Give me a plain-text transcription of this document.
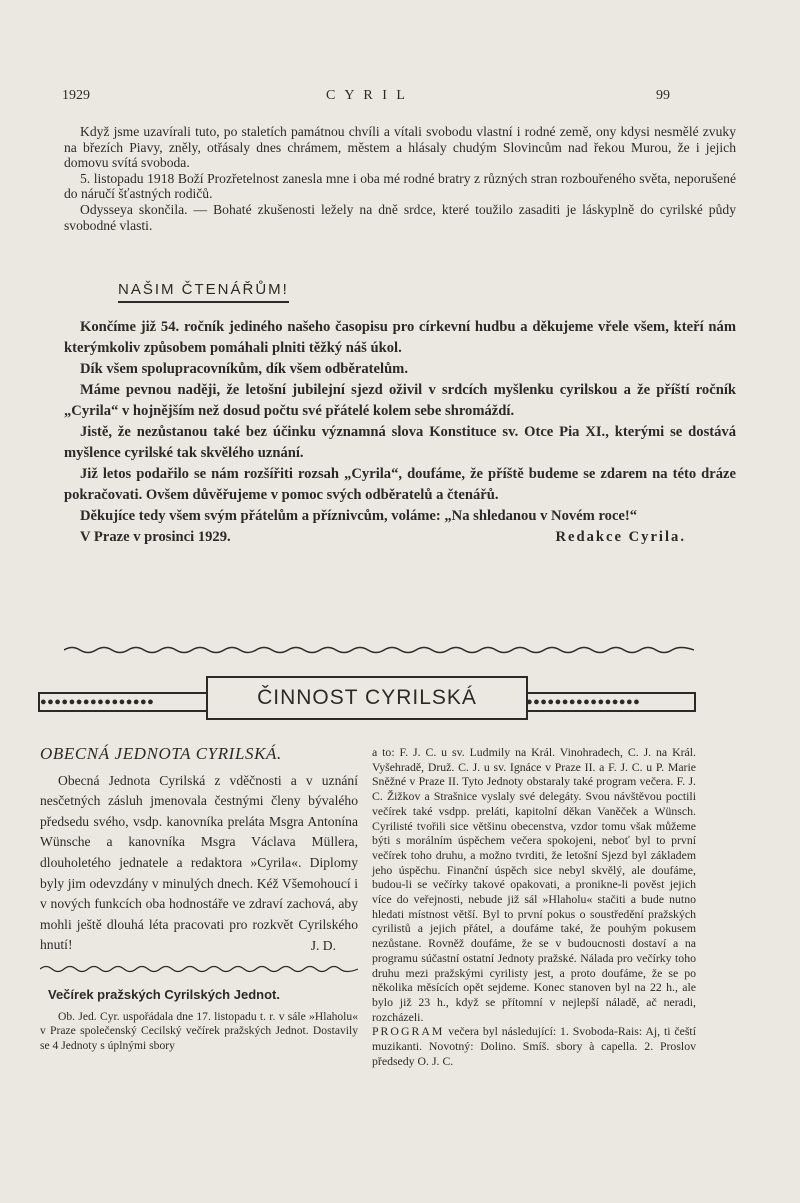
1929	C Y R I L	99

Když jsme uzavírali tuto, po staletích památnou chvíli a vítali svobodu vlastní i rodné země, ony kdysi nesmělé zvuky na březích Piavy, zněly, otřásaly dnes chrámem, městem a hlásaly chudým Slovincům nad řekou Murou, že i jejich domovu svítá svoboda.

5. listopadu 1918 Boží Prozřetelnost zanesla mne i oba mé rodné bratry z různých stran rozbouřeného světa, neporušené do náručí šťastných rodičů.

Odysseya skončila. — Bohaté zkušenosti ležely na dně srdce, které toužilo zasaditi je láskyplně do cyrilské půdy svobodné vlasti.

NAŠIM ČTENÁŘŮM!

Končíme již 54. ročník jediného našeho časopisu pro církevní hudbu a děkujeme vřele všem, kteří nám kterýmkoliv způsobem pomáhali plniti těžký náš úkol.

Dík všem spolupracovníkům, dík všem odběratelům.

Máme pevnou naději, že letošní jubilejní sjezd oživil v srdcích myšlenku cyrilskou a že příští ročník „Cyrila“ v hojnějším než dosud počtu své přátelé kolem sebe shromáždí.

Jistě, že nezůstanou také bez účinku významná slova Konstituce sv. Otce Pia XI., kterými se dostává myšlence cyrilské tak skvělého uznání.

Již letos podařilo se nám rozšířiti rozsah „Cyrila“, doufáme, že příště budeme se zdarem na této dráze pokračovati. Ovšem důvěřujeme v pomoc svých odběratelů a čtenářů.

Děkujíce tedy všem svým přátelům a příznivcům, voláme: „Na shledanou v Novém roce!“

V Praze v prosinci 1929.	Redakce Cyrila.
●●●●●●●●●●●●●●●●	ČINNOST CYRILSKÁ	●●●●●●●●●●●●●●●●
OBECNÁ JEDNOTA CYRILSKÁ.

Obecná Jednota Cyrilská z vděčnosti a v uznání nesčetných zásluh jmenovala čestnými členy bývalého předsedu svého, vsdp. kanovníka preláta Msgra Antonína Wünsche a kanovníka Msgra Václava Müllera, dlouholetého jednatele a redaktora »Cyrila«. Diplomy byly jim odevzdány v minulých dnech. Kéž Všemohoucí i v nových funkcích oba hodnostáře ve zdraví zachová, aby mohli ještě dlouhá léta pracovati pro rozkvět Cyrilského hnutí!	J. D.
Večírek pražských Cyrilských Jednot.

Ob. Jed. Cyr. uspořádala dne 17. listopadu t. r. v sále »Hlaholu« v Praze společenský Cecilský večírek pražských Jednot. Dostavily se 4 Jednoty s úplnými sbory

a to: F. J. C. u sv. Ludmily na Král. Vinohradech, C. J. na Král. Vyšehradě, Druž. C. J. u sv. Ignáce v Praze II. a F. J. C. u P. Marie Sněžné v Praze II. Tyto Jednoty obstaraly také program večera. F. J. C. Žižkov a Strašnice vyslaly své delegáty. Svou návštěvou poctili večírek také vsdpp. preláti, kapitolní děkan Vaněček a Wünsch. Cyrilisté tvořili sice většinu obecenstva, vzdor tomu však můžeme býti s morálním úspěchem večera spokojeni, neboť byl to první večírek toho druhu, a možno tvrditi, že letošní Sjezd byl základem jeho úspěchu. Finanční úspěch sice nebyl skvělý, ale doufáme, budou-li se večírky takové opakovati, a pronikne-li pověst jejich více do veřejnosti, nebude již sál »Hlaholu« stačiti a bude nutno hledati místnost větší. Byl to první pokus o soustředění pražských cyrilistů a jejich přátel, a doufáme také, že pouhým pokusem nezůstane. Rovněž doufáme, že se v budoucnosti dostaví a na programu súčastní ostatní Jednoty pražské. Nálada pro večírky toho druhu mezi pražskými cyrilisty jest, a proto doufáme, že se po několika měsících opět sejdeme. Konec stanoven byl na 22 h., ale bylo již 23 h., když se přítomní v nejlepší náladě, ač neradi, rozcházeli.

PROGRAM večera byl následující: 1. Svoboda-Rais: Aj, ti čeští muzikanti. Novotný: Dolino. Smíš. sbory à capella. 2. Proslov předsedy O. J. C.
